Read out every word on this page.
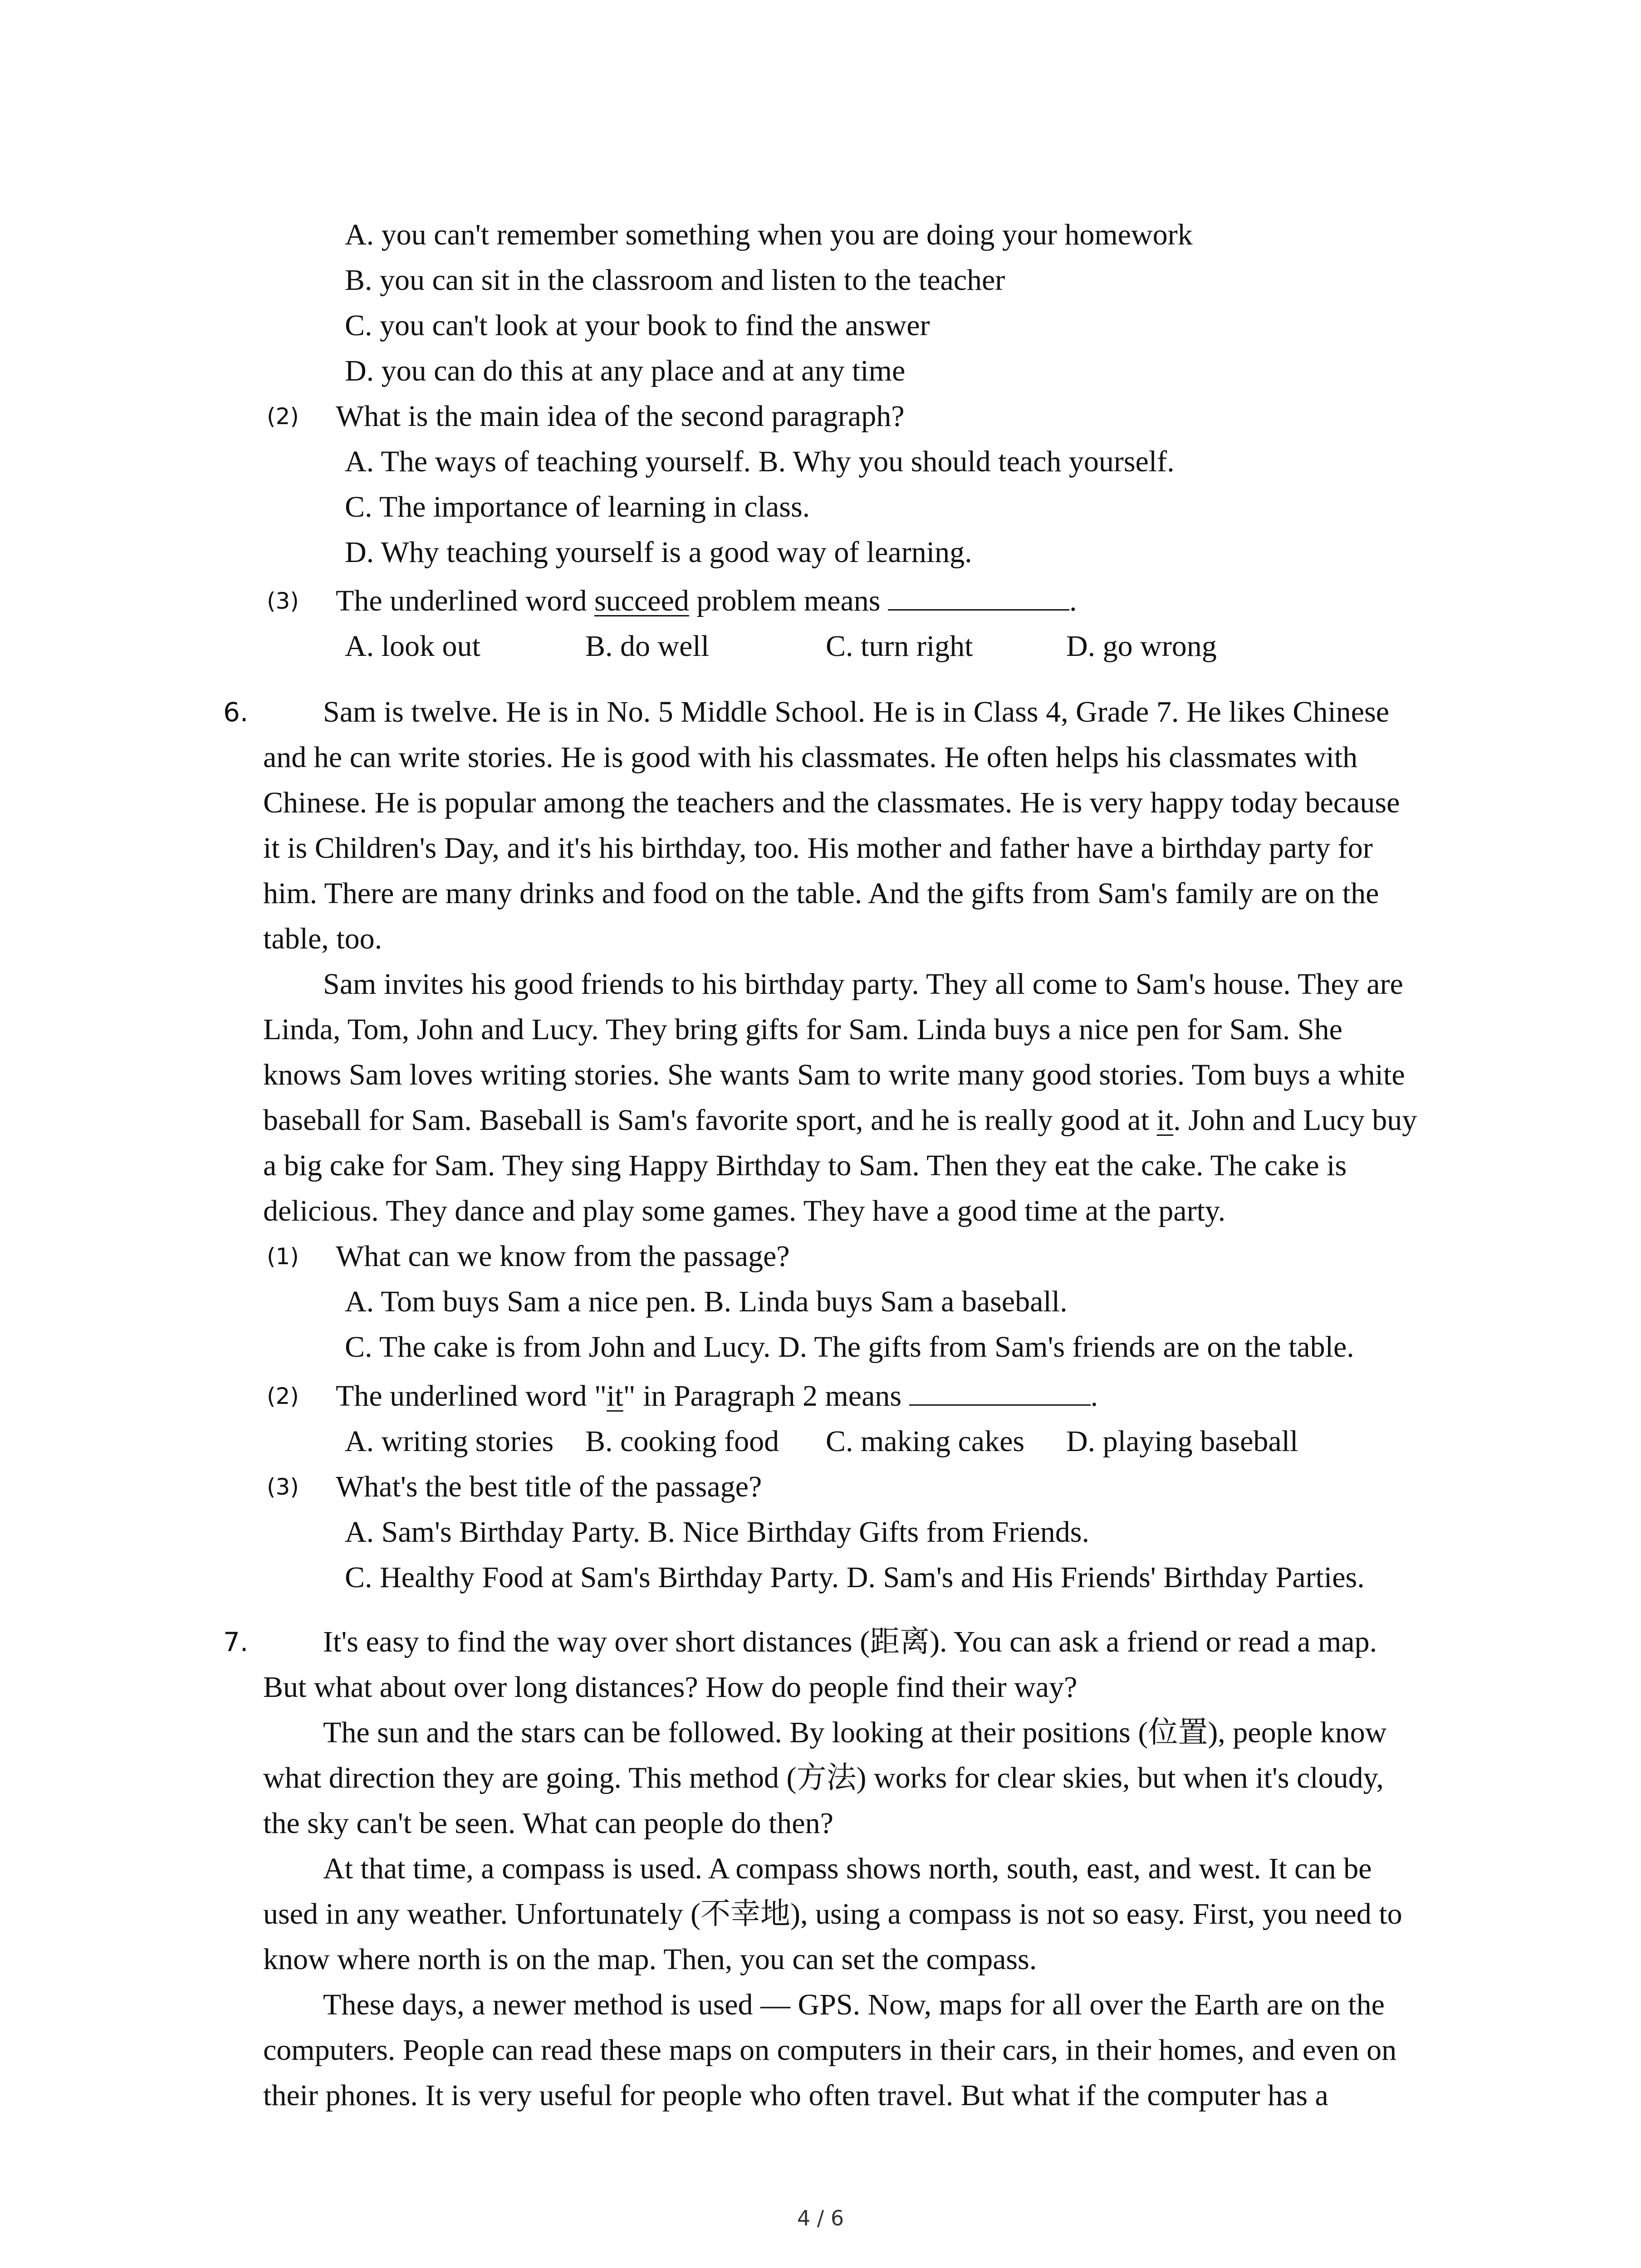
A. you can't remember something when you are doing your homework
B. you can sit in the classroom and listen to the teacher
C. you can't look at your book to find the answer
D. you can do this at any place and at any time
(2) What is the main idea of the second paragraph?
A. The ways of teaching yourself. B. Why you should teach yourself.
C. The importance of learning in class.
D. Why teaching yourself is a good way of learning.
(3) The underlined word succeed problem means	.
A. look out	B. do well	C. turn right	D. go wrong
6. Sam is twelve. He is in No. 5 Middle School. He is in Class 4, Grade 7. He likes Chinese
and he can write stories. He is good with his classmates. He often helps his classmates with
Chinese. He is popular among the teachers and the classmates. He is very happy today because
it is Children's Day, and it's his birthday, too. His mother and father have a birthday party for
him. There are many drinks and food on the table. And the gifts from Sam's family are on the
table, too.
Sam invites his good friends to his birthday party. They all come to Sam's house. They are
Linda, Tom, John and Lucy. They bring gifts for Sam. Linda buys a nice pen for Sam. She
knows Sam loves writing stories. She wants Sam to write many good stories. Tom buys a white
baseball for Sam. Baseball is Sam's favorite sport, and he is really good at it. John and Lucy buy
a big cake for Sam. They sing Happy Birthday to Sam. Then they eat the cake. The cake is
delicious. They dance and play some games. They have a good time at the party.
(1) What can we know from the passage?
A. Tom buys Sam a nice pen. B. Linda buys Sam a baseball.
C. The cake is from John and Lucy. D. The gifts from Sam's friends are on the table.
(2) The underlined word "it" in Paragraph 2 means	.
A. writing stories B. cooking food C. making cakes D. playing baseball
(3) What's the best title of the passage?
A. Sam's Birthday Party. B. Nice Birthday Gifts from Friends.
C. Healthy Food at Sam's Birthday Party. D. Sam's and His Friends' Birthday Parties.
7. It's easy to find the way over short distances (距离). You can ask a friend or read a map.
But what about over long distances? How do people find their way?
The sun and the stars can be followed. By looking at their positions (位置), people know
what direction they are going. This method (方法) works for clear skies, but when it's cloudy,
the sky can't be seen. What can people do then?
At that time, a compass is used. A compass shows north, south, east, and west. It can be
used in any weather. Unfortunately (不幸地), using a compass is not so easy. First, you need to
know where north is on the map. Then, you can set the compass.
These days, a newer method is used — GPS. Now, maps for all over the Earth are on the
computers. People can read these maps on computers in their cars, in their homes, and even on
their phones. It is very useful for people who often travel. But what if the computer has a
4 / 6
